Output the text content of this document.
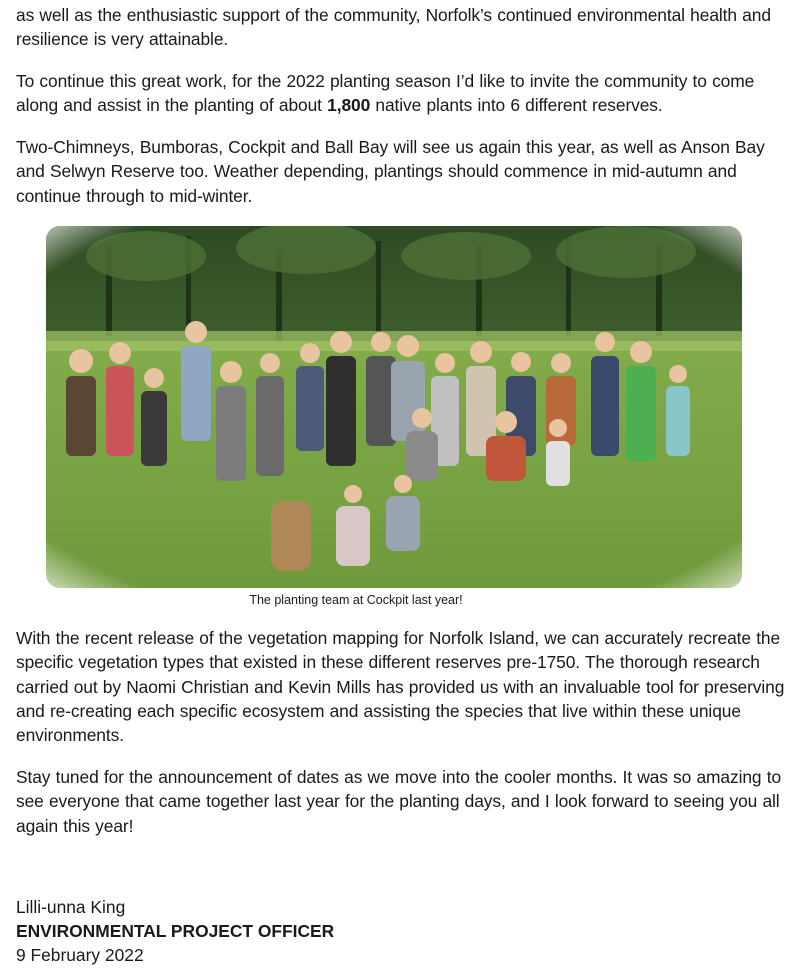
as well as the enthusiastic support of the community, Norfolk’s continued environmental health and resilience is very attainable.

To continue this great work, for the 2022 planting season I’d like to invite the community to come along and assist in the planting of about 1,800 native plants into 6 different reserves.

Two-Chimneys, Bumboras, Cockpit and Ball Bay will see us again this year, as well as Anson Bay and Selwyn Reserve too. Weather depending, plantings should commence in mid-autumn and continue through to mid-winter.

The planting team at Cockpit last year!

With the recent release of the vegetation mapping for Norfolk Island, we can accurately recreate the specific vegetation types that existed in these different reserves pre-1750. The thorough research carried out by Naomi Christian and Kevin Mills has provided us with an invaluable tool for preserving and re-creating each specific ecosystem and assisting the species that live within these unique environments.

Stay tuned for the announcement of dates as we move into the cooler months. It was so amazing to see everyone that came together last year for the planting days, and I look forward to seeing you all again this year!

Lilli-unna King
ENVIRONMENTAL PROJECT OFFICER
9 February 2022
